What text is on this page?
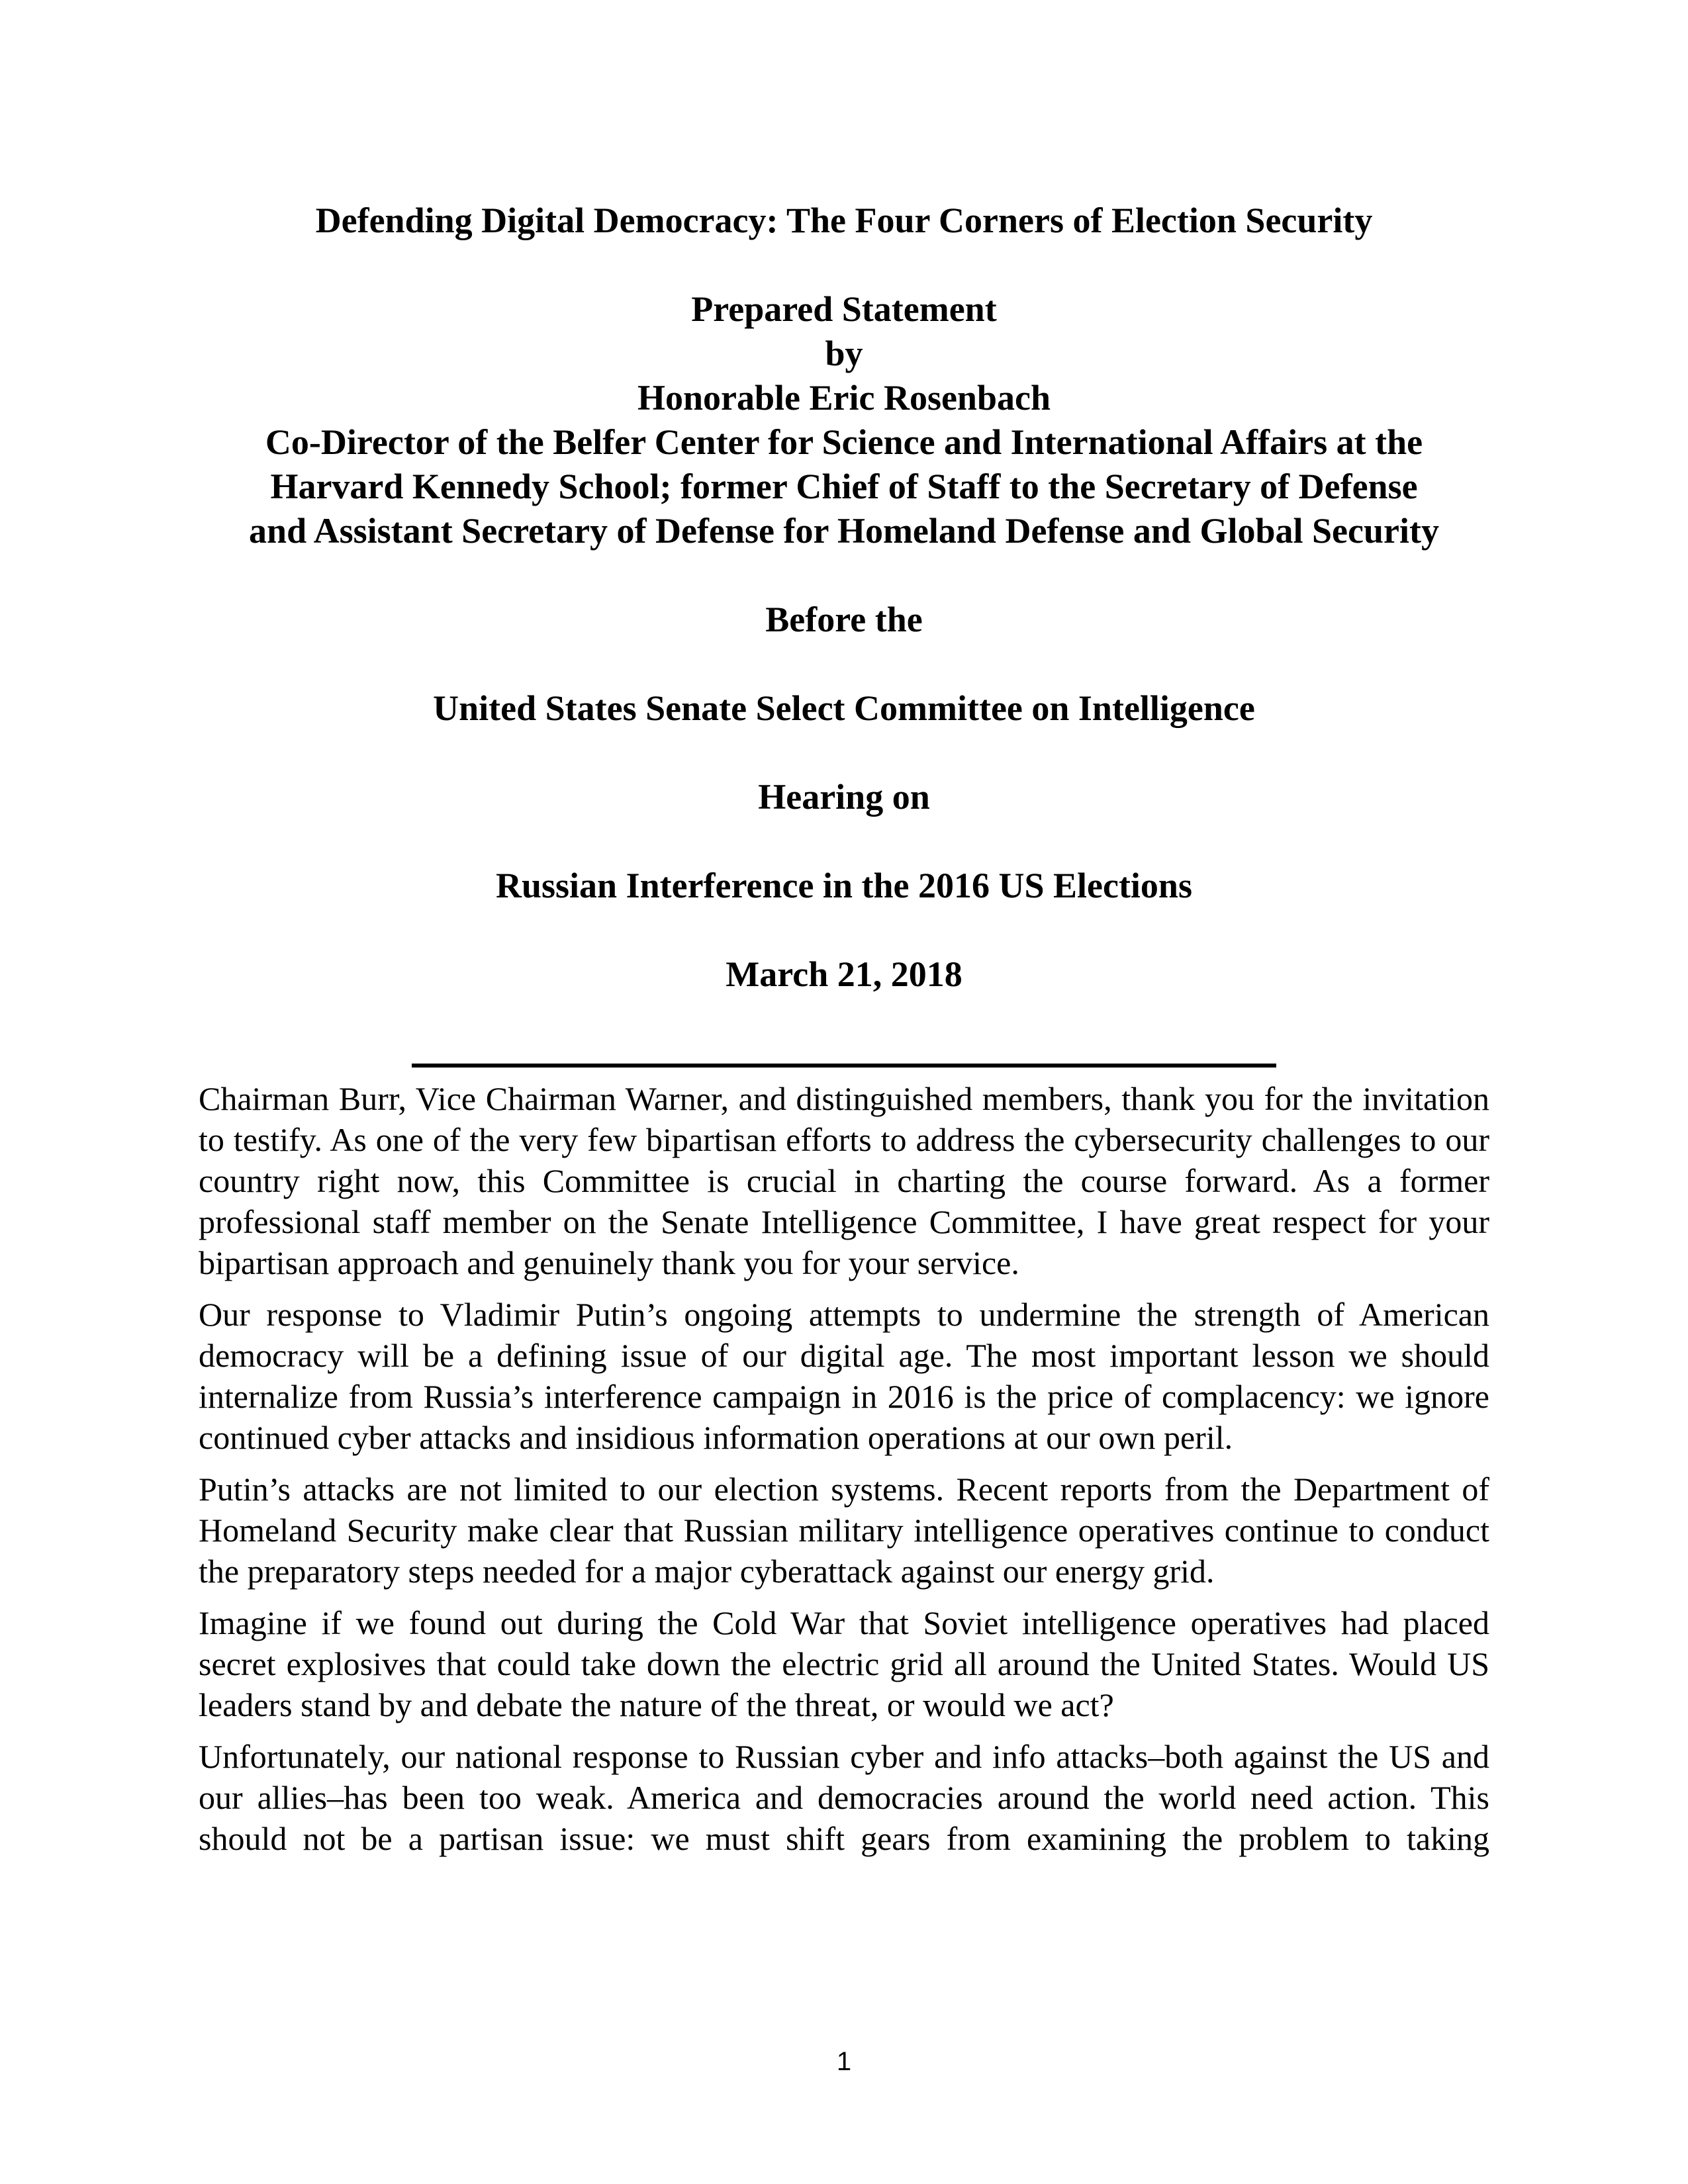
Defending Digital Democracy: The Four Corners of Election Security

Prepared Statement

by

Honorable Eric Rosenbach

Co-Director of the Belfer Center for Science and International Affairs at the

Harvard Kennedy School; former Chief of Staff to the Secretary of Defense

and Assistant Secretary of Defense for Homeland Defense and Global Security

Before the

United States Senate Select Committee on Intelligence

Hearing on

Russian Interference in the 2016 US Elections

March 21, 2018

Chairman Burr, Vice Chairman Warner, and distinguished members, thank you for the invitation to testify. As one of the very few bipartisan efforts to address the cybersecurity challenges to our country right now, this Committee is crucial in charting the course forward. As a former professional staff member on the Senate Intelligence Committee, I have great respect for your bipartisan approach and genuinely thank you for your service.

Our response to Vladimir Putin’s ongoing attempts to undermine the strength of American democracy will be a defining issue of our digital age. The most important lesson we should internalize from Russia’s interference campaign in 2016 is the price of complacency: we ignore continued cyber attacks and insidious information operations at our own peril.

Putin’s attacks are not limited to our election systems. Recent reports from the Department of Homeland Security make clear that Russian military intelligence operatives continue to conduct the preparatory steps needed for a major cyberattack against our energy grid.

Imagine if we found out during the Cold War that Soviet intelligence operatives had placed secret explosives that could take down the electric grid all around the United States. Would US leaders stand by and debate the nature of the threat, or would we act?

Unfortunately, our national response to Russian cyber and info attacks–both against the US and our allies–has been too weak. America and democracies around the world need action. This should not be a partisan issue: we must shift gears from examining the problem to taking

1
